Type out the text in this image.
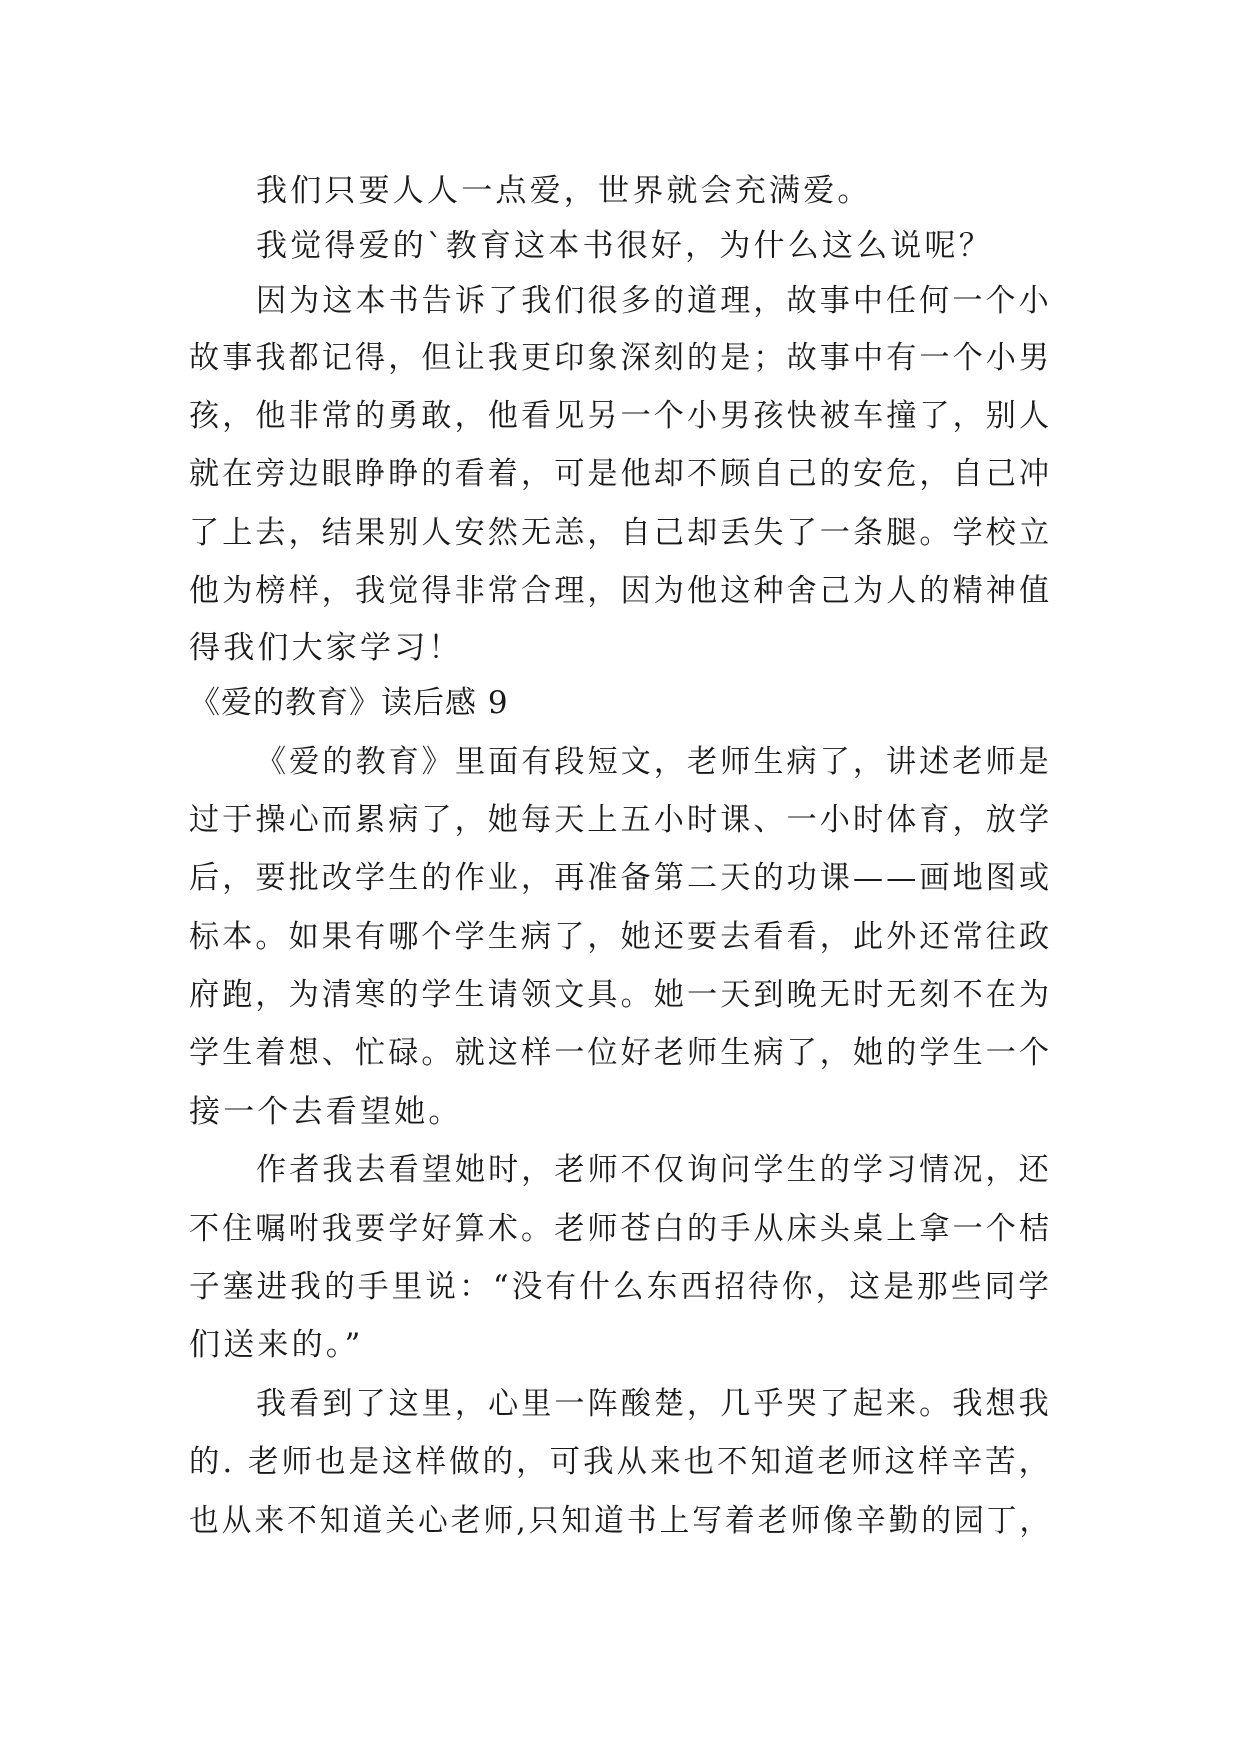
我们只要人人一点爱，世界就会充满爱。
我觉得爱的`教育这本书很好，为什么这么说呢？
因为这本书告诉了我们很多的道理，故事中任何一个小
故事我都记得，但让我更印象深刻的是；故事中有一个小男
孩，他非常的勇敢，他看见另一个小男孩快被车撞了，别人
就在旁边眼睁睁的看着，可是他却不顾自己的安危，自己冲
了上去，结果别人安然无恙，自己却丢失了一条腿。学校立
他为榜样，我觉得非常合理，因为他这种舍己为人的精神值
得我们大家学习！
《爱的教育》读后感 9
《爱的教育》里面有段短文，老师生病了，讲述老师是
过于操心而累病了，她每天上五小时课、一小时体育，放学
后，要批改学生的作业，再准备第二天的功课——画地图或
标本。如果有哪个学生病了，她还要去看看，此外还常往政
府跑，为清寒的学生请领文具。她一天到晚无时无刻不在为
学生着想、忙碌。就这样一位好老师生病了，她的学生一个
接一个去看望她。
作者我去看望她时，老师不仅询问学生的学习情况，还
不住嘱咐我要学好算术。老师苍白的手从床头桌上拿一个桔
子塞进我的手里说：“没有什么东西招待你，这是那些同学
们送来的。”
我看到了这里，心里一阵酸楚，几乎哭了起来。我想我
的. 老师也是这样做的，可我从来也不知道老师这样辛苦，
也从来不知道关心老师,只知道书上写着老师像辛勤的园丁，
